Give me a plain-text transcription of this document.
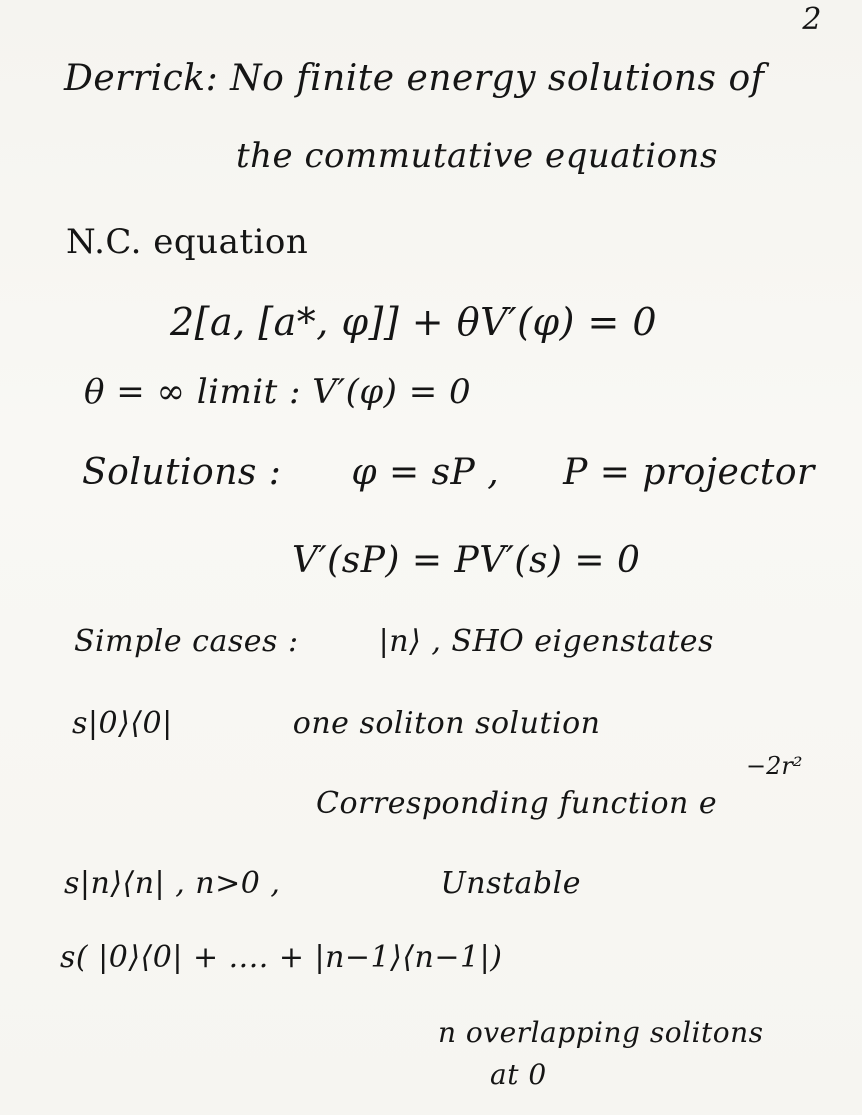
2
Derrick: No finite energy solutions of
the commutative equations
N.C. equation
2[a, [a*, φ]] + θV′(φ) = 0
θ = ∞ limit : V′(φ) = 0
Solutions : φ = sP , P = projector
V′(sP) = PV′(s) = 0
Simple cases :	|n⟩ , SHO eigenstates
s|0⟩⟨0|	one soliton solution
Corresponding function e
−2r²
s|n⟩⟨n| , n>0 ,	Unstable
s( |0⟩⟨0| + .... + |n−1⟩⟨n−1|)
n overlapping solitons
at 0
